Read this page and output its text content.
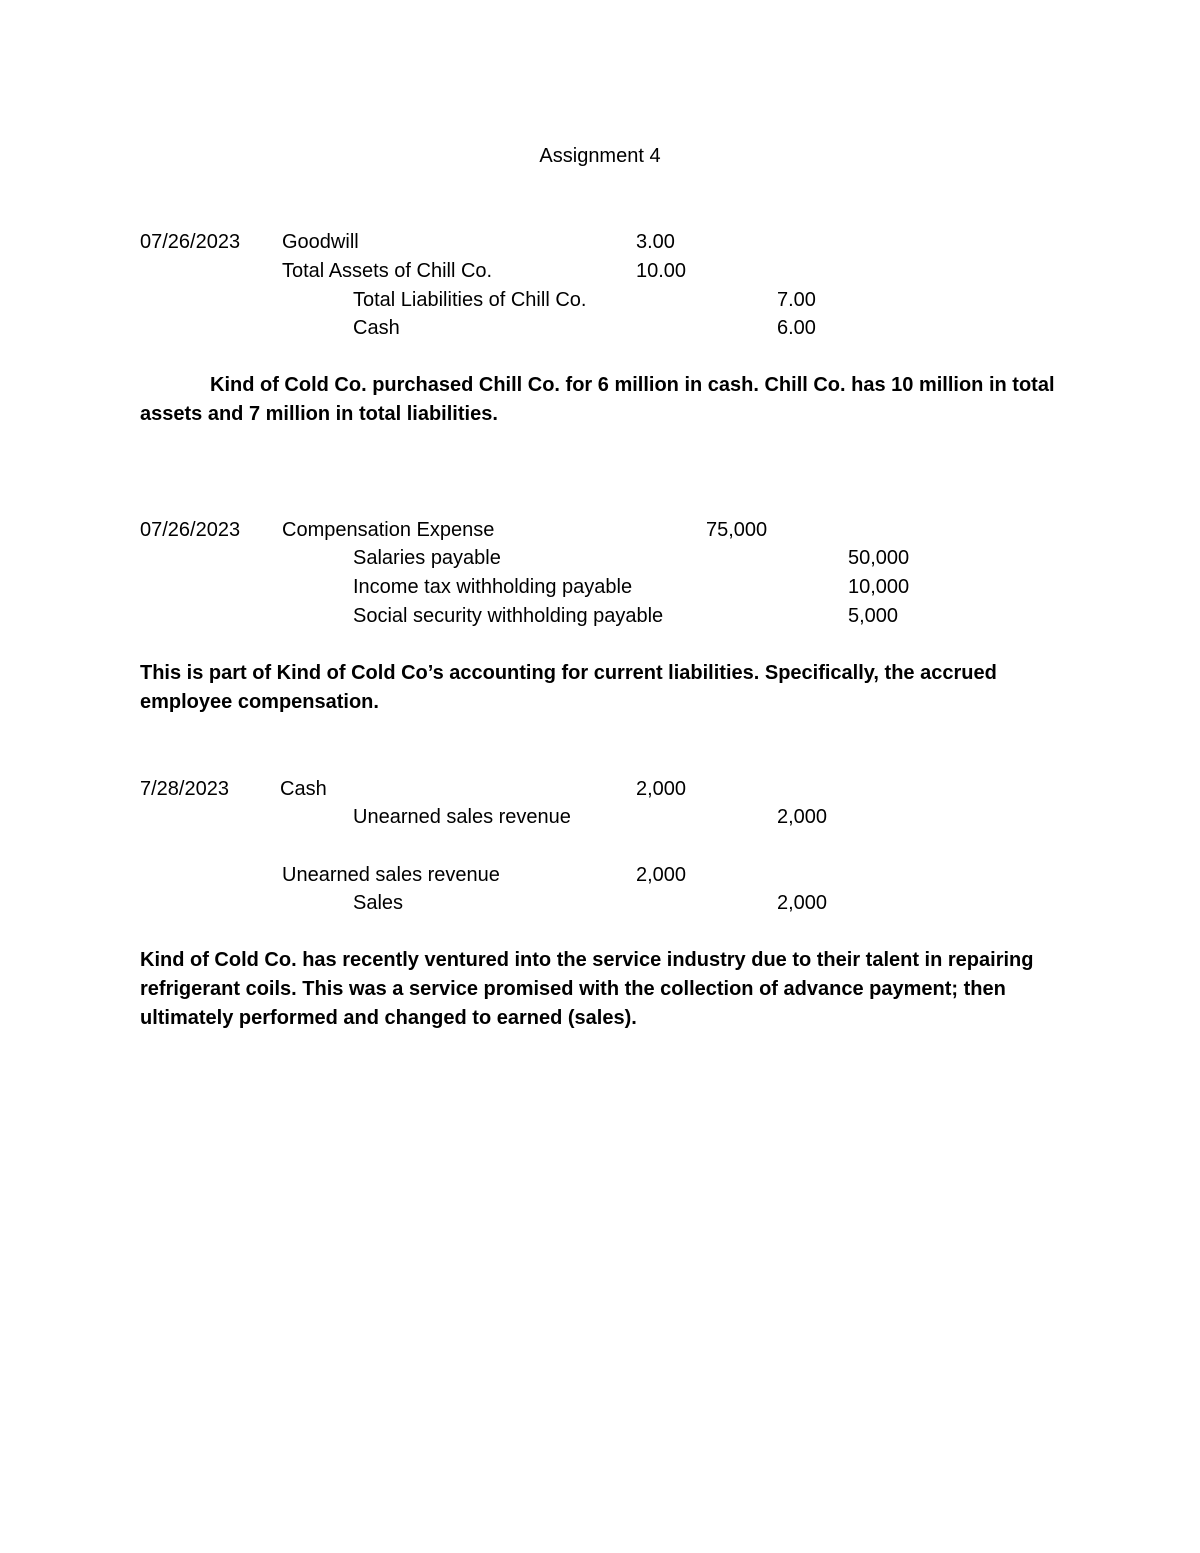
Assignment 4
07/26/2023 Goodwill	3.00
Total Assets of Chill Co.	10.00
Total Liabilities of Chill Co.	7.00
Cash	6.00
Kind of Cold Co. purchased Chill Co. for 6 million in cash. Chill Co. has 10 million in total assets and 7 million in total liabilities.
07/26/2023 Compensation Expense	75,000
Salaries payable	50,000
Income tax withholding payable	10,000
Social security withholding payable	5,000
This is part of Kind of Cold Co’s accounting for current liabilities. Specifically, the accrued employee compensation.
7/28/2023	Cash	2,000
Unearned sales revenue	2,000
Unearned sales revenue	2,000
Sales	2,000
Kind of Cold Co. has recently ventured into the service industry due to their talent in repairing refrigerant coils. This was a service promised with the collection of advance payment; then ultimately performed and changed to earned (sales).
